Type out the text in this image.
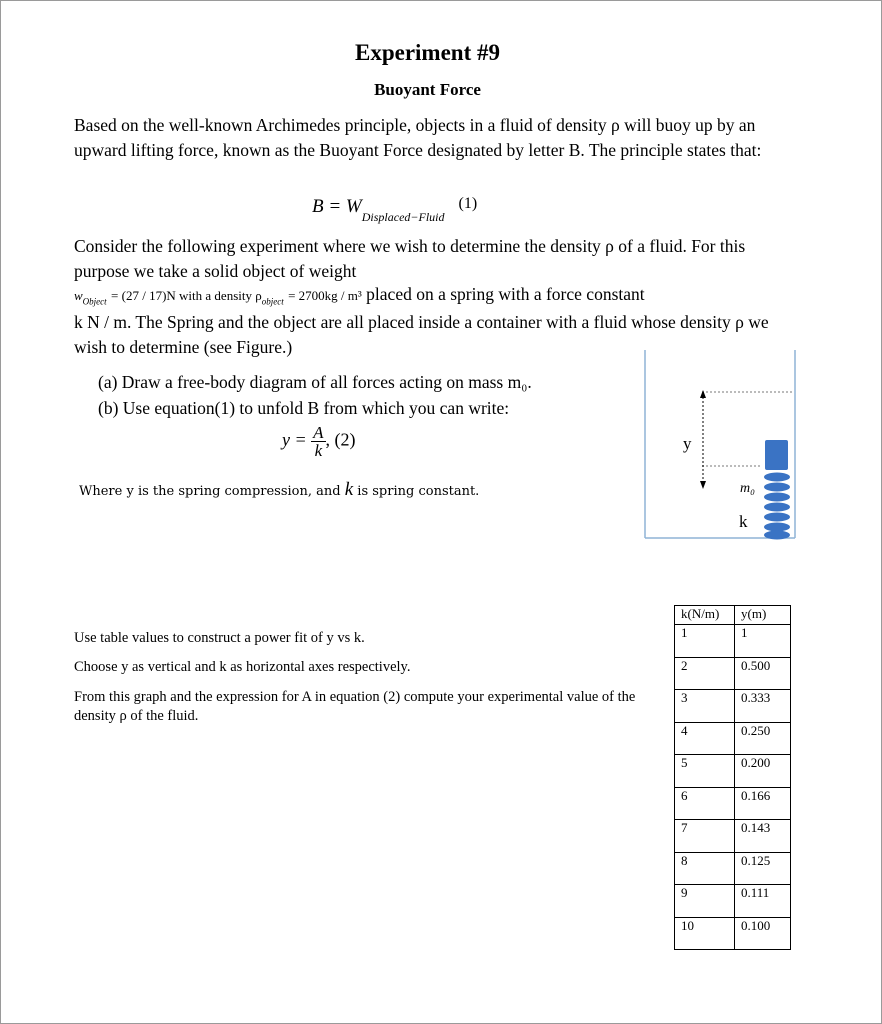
Experiment #9
Buoyant Force
Based on the well-known Archimedes principle, objects in a fluid of density ρ will buoy up by an upward lifting force, known as the Buoyant Force designated by letter B. The principle states that:
$B = W_{Displaced-Fluid}^{(1)}$
Consider the following experiment where we wish to determine the density ρ of a fluid. For this purpose we take a solid object of weight
$w_{Object} = (27 / 17)N$ with a density $\rho_{object} = 2700kg / m^3$ placed on a spring with a force constant
k N / m. The Spring and the object are all placed inside a container with a fluid whose density ρ we wish to determine (see Figure.)
(a) Draw a free-body diagram of all forces acting on mass m₀.
(b) Use equation(1) to unfold B from which you can write:
$y = \frac{A}{k}$, (2)
Where y is the spring compression, and k is spring constant.
y
m₀
k
Use table values to construct a power fit of y vs k.
Choose y as vertical and k as horizontal axes respectively.
From this graph and the expression for A in equation (2) compute your experimental value of the density ρ of the fluid.
k(N/m)	y(m)
1	1
2	0.500
3	0.333
4	0.250
5	0.200
6	0.166
7	0.143
8	0.125
9	0.111
10	0.100
